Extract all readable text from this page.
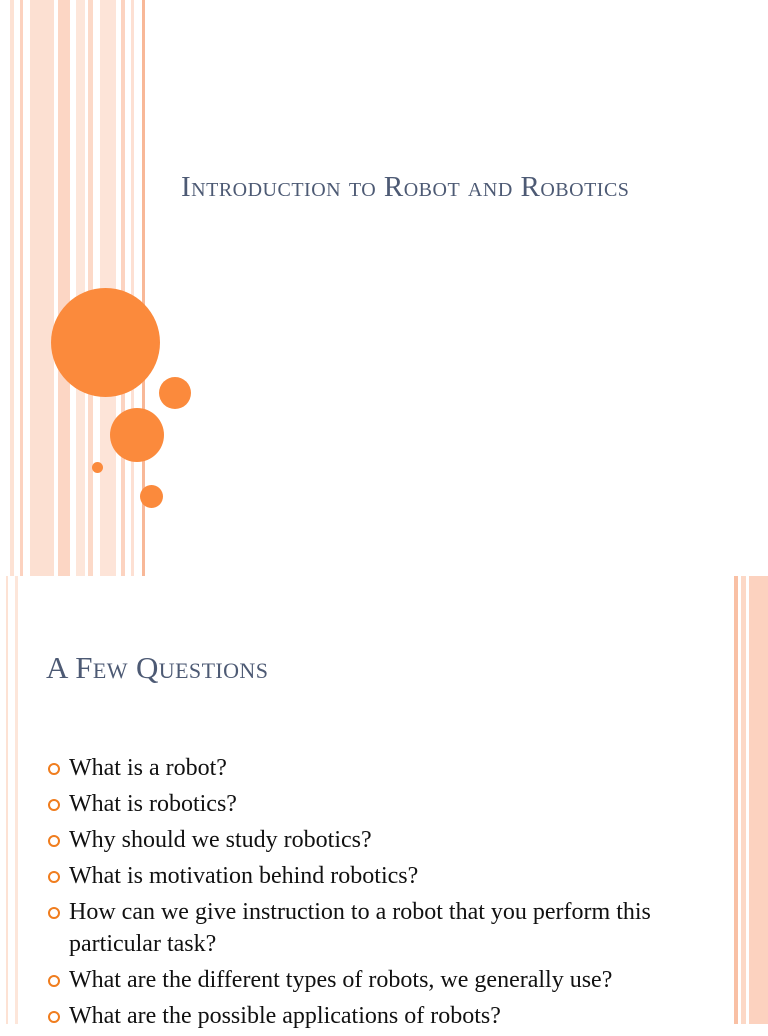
Introduction to Robot and Robotics
A Few Questions
What is a robot?
What is robotics?
Why should we study robotics?
What is motivation behind robotics?
How can we give instruction to a robot that you perform this particular task?
What are the different types of robots, we generally use?
What are the possible applications of robots?
